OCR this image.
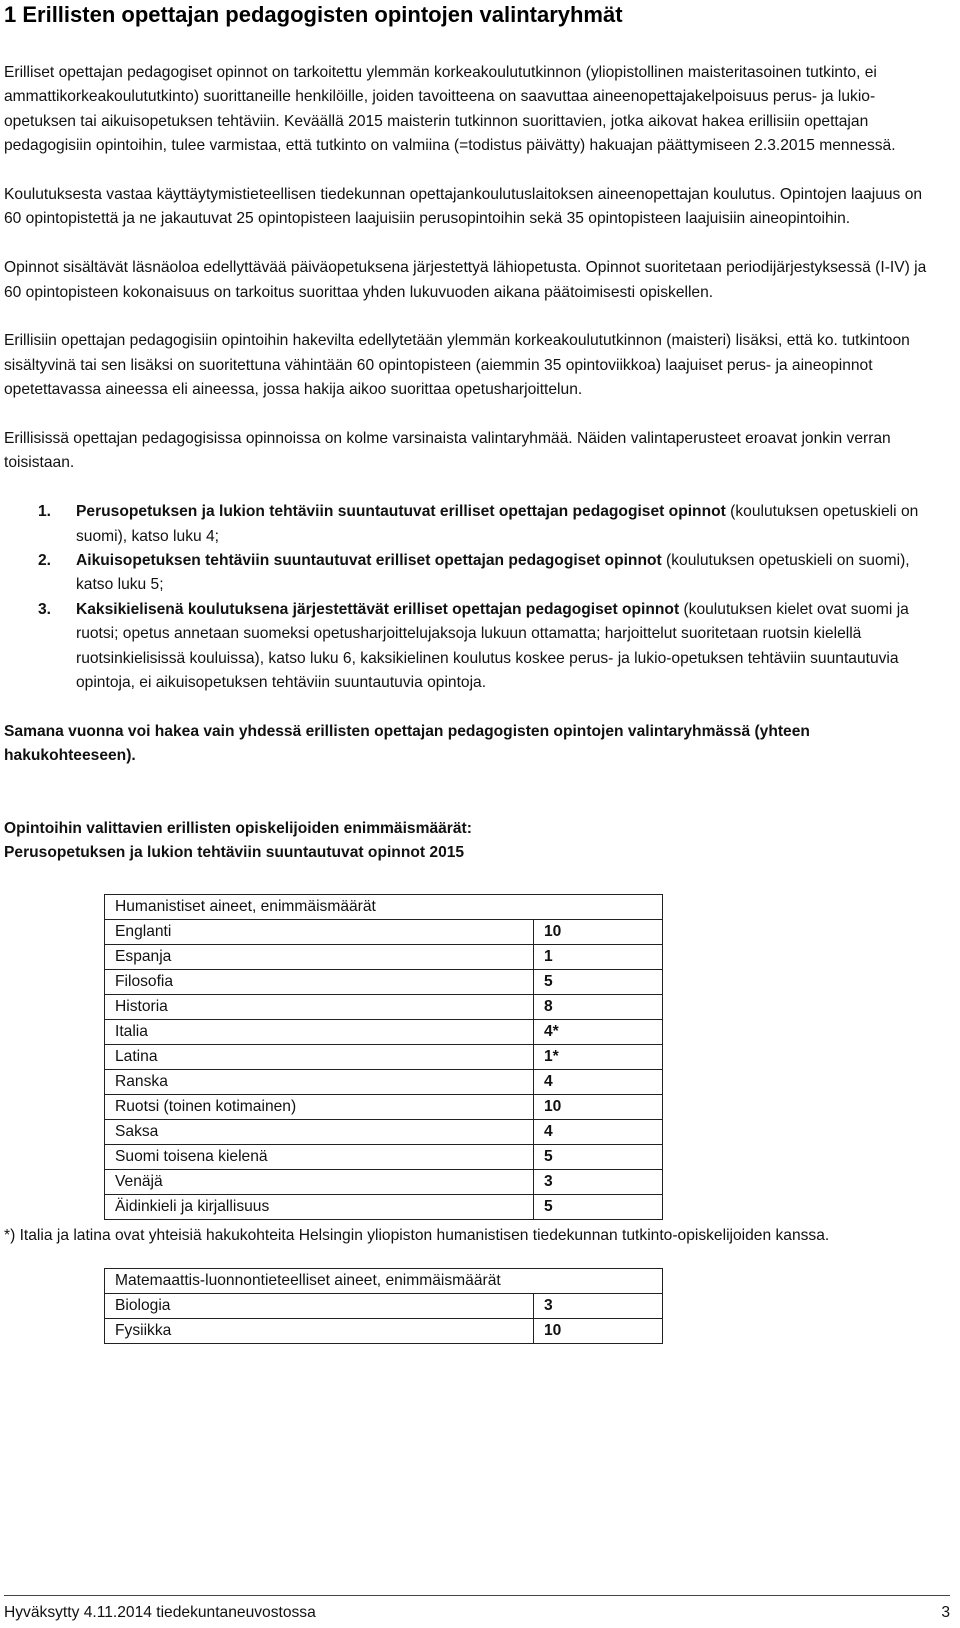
1 Erillisten opettajan pedagogisten opintojen valintaryhmät

Erilliset opettajan pedagogiset opinnot on tarkoitettu ylemmän korkeakoulututkinnon (yliopistollinen maisteritasoinen tutkinto, ei ammattikorkeakoulututkinto) suorittaneille henkilöille, joiden tavoitteena on saavuttaa aineenopettajakelpoisuus perus- ja lukio-opetuksen tai aikuisopetuksen tehtäviin. Keväällä 2015 maisterin tutkinnon suorittavien, jotka aikovat hakea erillisiin opettajan pedagogisiin opintoihin, tulee varmistaa, että tutkinto on valmiina (=todistus päivätty) hakuajan päättymiseen 2.3.2015 mennessä.

Koulutuksesta vastaa käyttäytymistieteellisen tiedekunnan opettajankoulutuslaitoksen aineenopettajan koulutus. Opintojen laajuus on 60 opintopistettä ja ne jakautuvat 25 opintopisteen laajuisiin perusopintoihin sekä 35 opintopisteen laajuisiin aineopintoihin.

Opinnot sisältävät läsnäoloa edellyttävää päiväopetuksena järjestettyä lähiopetusta. Opinnot suoritetaan periodijärjestyksessä (I-IV) ja 60 opintopisteen kokonaisuus on tarkoitus suorittaa yhden lukuvuoden aikana päätoimisesti opiskellen.

Erillisiin opettajan pedagogisiin opintoihin hakevilta edellytetään ylemmän korkeakoulututkinnon (maisteri) lisäksi, että ko. tutkintoon sisältyvinä tai sen lisäksi on suoritettuna vähintään 60 opintopisteen (aiemmin 35 opintoviikkoa) laajuiset perus- ja aineopinnot opetettavassa aineessa eli aineessa, jossa hakija aikoo suorittaa opetusharjoittelun.

Erillisissä opettajan pedagogisissa opinnoissa on kolme varsinaista valintaryhmää. Näiden valintaperusteet eroavat jonkin verran toisistaan.

1. Perusopetuksen ja lukion tehtäviin suuntautuvat erilliset opettajan pedagogiset opinnot (koulutuksen opetuskieli on suomi), katso luku 4;
2. Aikuisopetuksen tehtäviin suuntautuvat erilliset opettajan pedagogiset opinnot (koulutuksen opetuskieli on suomi), katso luku 5;
3. Kaksikielisenä koulutuksena järjestettävät erilliset opettajan pedagogiset opinnot (koulutuksen kielet ovat suomi ja ruotsi; opetus annetaan suomeksi opetusharjoittelujaksoja lukuun ottamatta; harjoittelut suoritetaan ruotsin kielellä ruotsinkielisissä kouluissa), katso luku 6, kaksikielinen koulutus koskee perus- ja lukio-opetuksen tehtäviin suuntautuvia opintoja, ei aikuisopetuksen tehtäviin suuntautuvia opintoja.

Samana vuonna voi hakea vain yhdessä erillisten opettajan pedagogisten opintojen valintaryhmässä (yhteen hakukohteeseen).

Opintoihin valittavien erillisten opiskelijoiden enimmäismäärät:
Perusopetuksen ja lukion tehtäviin suuntautuvat opinnot 2015
Humanistiset aineet, enimmäismäärät	
Englanti	10
Espanja	1
Filosofia	5
Historia	8
Italia	4*
Latina	1*
Ranska	4
Ruotsi (toinen kotimainen)	10
Saksa	4
Suomi toisena kielenä	5
Venäjä	3
Äidinkieli ja kirjallisuus	5
*) Italia ja latina ovat yhteisiä hakukohteita Helsingin yliopiston humanistisen tiedekunnan tutkinto-opiskelijoiden kanssa.
Matemaattis-luonnontieteelliset aineet, enimmäismäärät	
Biologia	3
Fysiikka	10
Hyväksytty 4.11.2014 tiedekuntaneuvostossa	3
